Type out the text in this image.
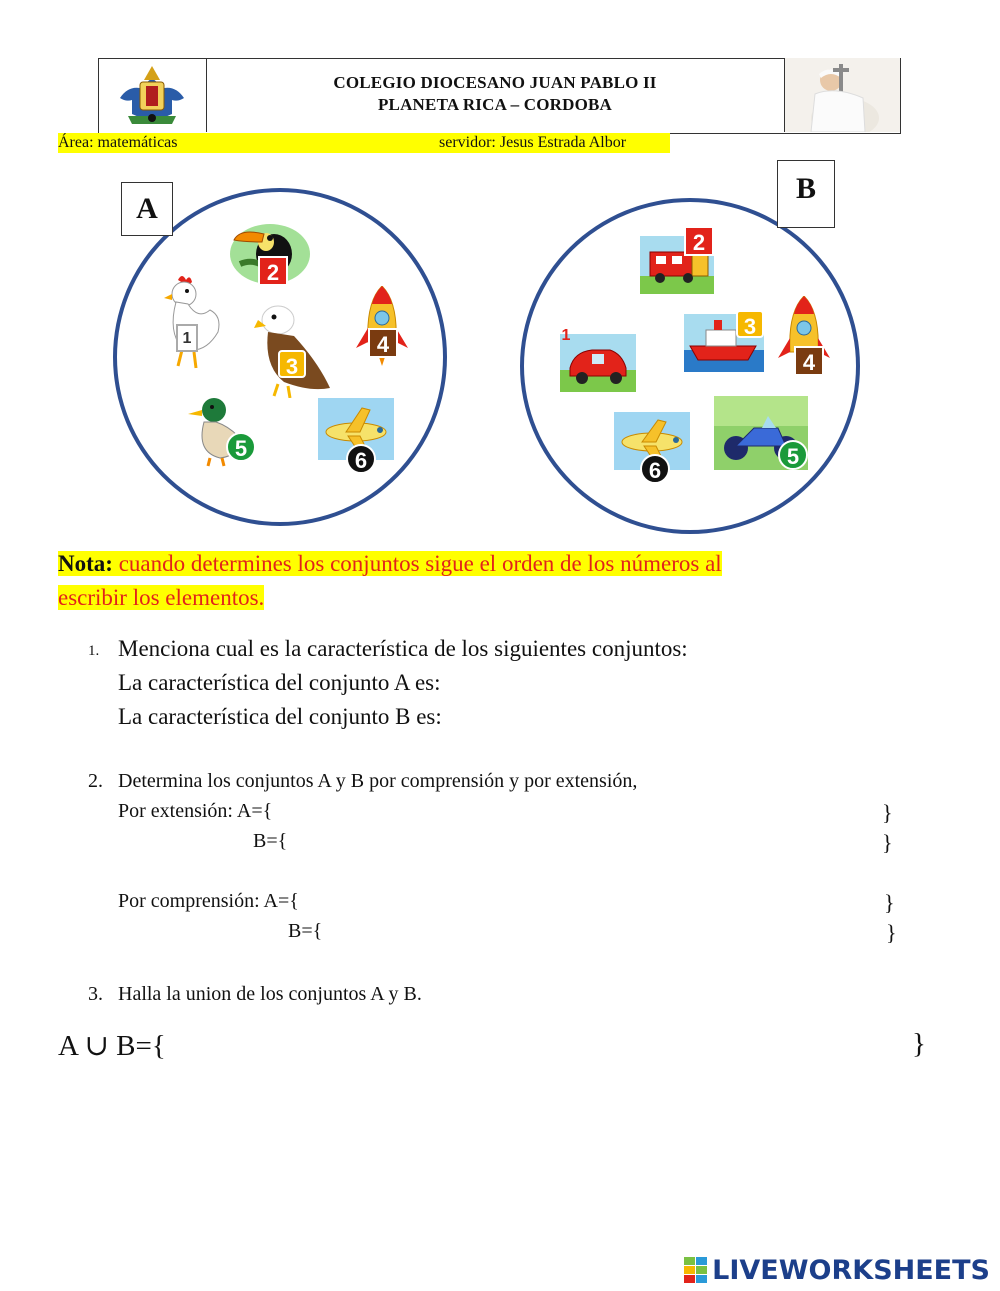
COLEGIO DIOCESANO JUAN PABLO II
PLANETA RICA – CORDOBA
Área: matemáticas	servidor: Jesus Estrada Albor
A
1
2
3
4
5	6
B
1
2
3
4
5
6
Nota: cuando determines los conjuntos sigue el orden de los números al
escribir los elementos.
1. Menciona cual es la característica de los siguientes conjuntos:
La característica del conjunto A es:
La característica del conjunto B es:
2. Determina los conjuntos A y B por comprensión y por extensión,
Por extensión: A={	}
B={	}
Por comprensión: A={	}
B={	}
3. Halla la union de los conjuntos A y B.
A ∪ B={	}
LIVEWORKSHEETS
